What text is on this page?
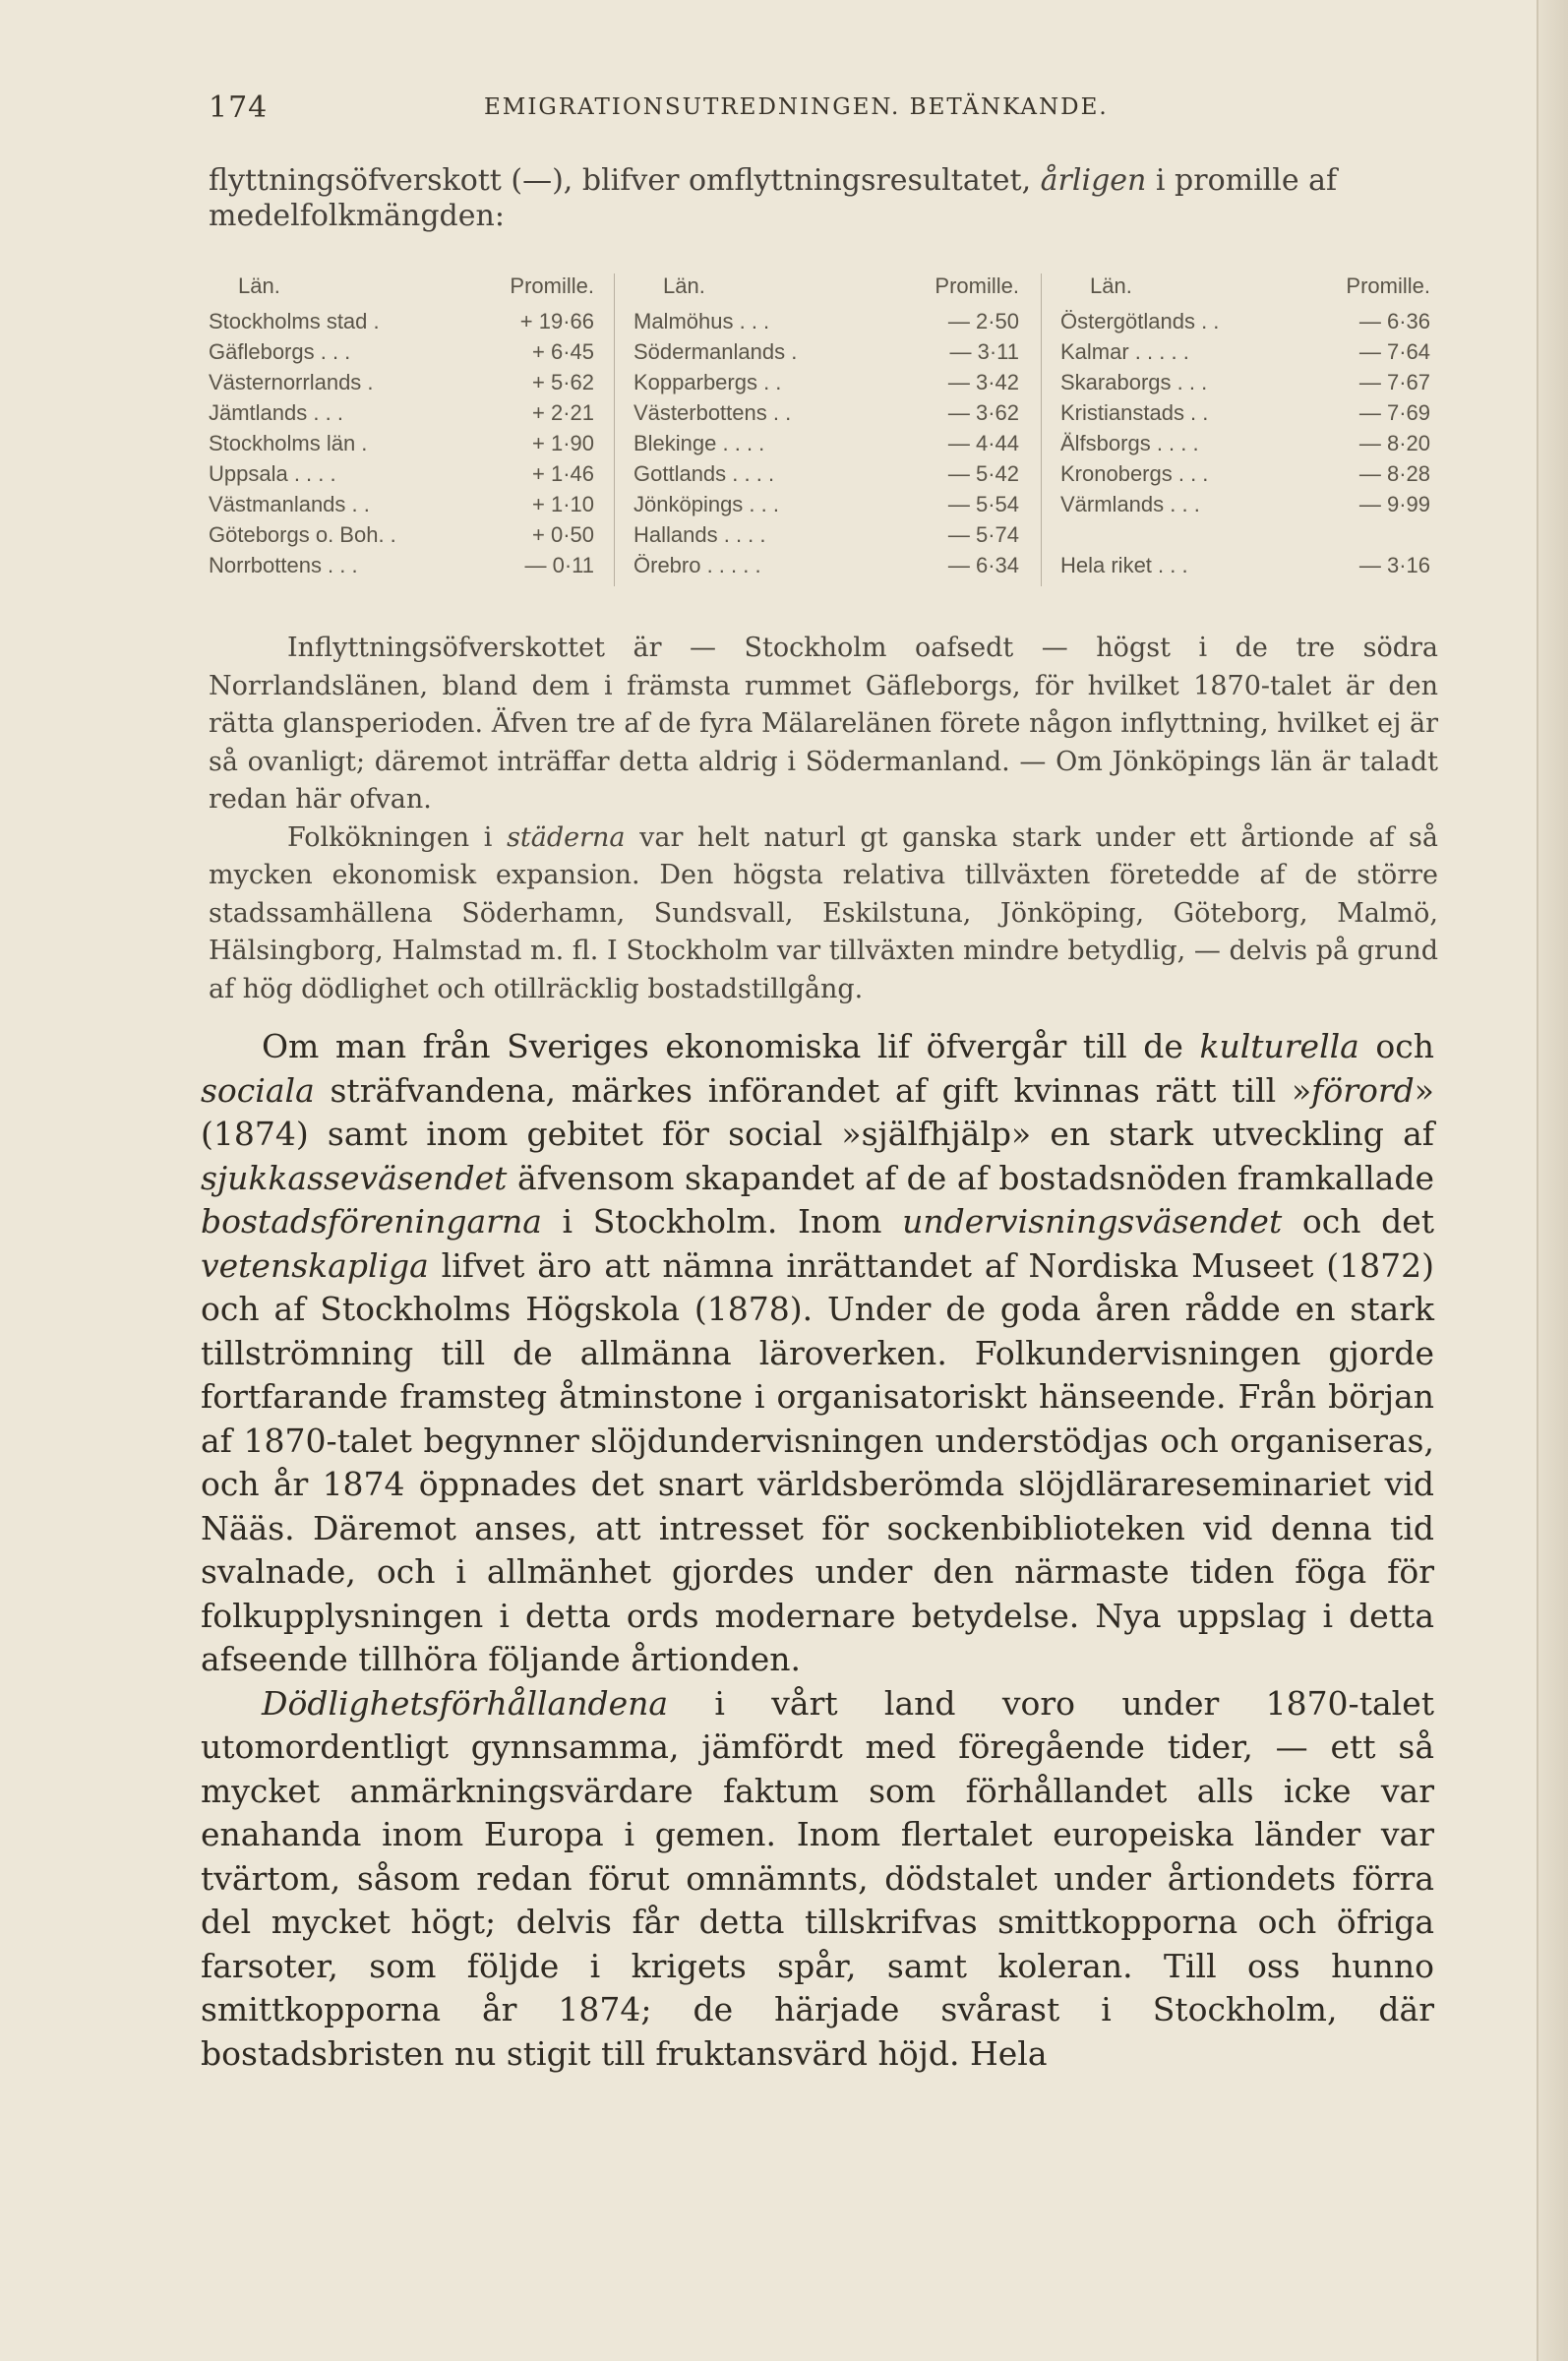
174	EMIGRATIONSUTREDNINGEN. BETÄNKANDE.
flyttningsöfverskott (—), blifver omflyttningsresultatet, årligen i promille af medelfolkmängden:
Län.	Promille.
Stockholms stad .	+ 19·66
Gäfleborgs . . .	+ 6·45
Västernorrlands .	+ 5·62
Jämtlands . . .	+ 2·21
Stockholms län .	+ 1·90
Uppsala . . . .	+ 1·46
Västmanlands . .	+ 1·10
Göteborgs o. Boh. .	+ 0·50
Norrbottens . . .	— 0·11
Län.	Promille.
Malmöhus . . .	— 2·50
Södermanlands .	— 3·11
Kopparbergs . .	— 3·42
Västerbottens . .	— 3·62
Blekinge . . . .	— 4·44
Gottlands . . . .	— 5·42
Jönköpings . . .	— 5·54
Hallands . . . .	— 5·74
Örebro . . . . .	— 6·34
Län.	Promille.
Östergötlands . .	— 6·36
Kalmar . . . . .	— 7·64
Skaraborgs . . .	— 7·67
Kristianstads . .	— 7·69
Älfsborgs . . . .	— 8·20
Kronobergs . . .	— 8·28
Värmlands . . .	— 9·99
Hela riket . . .	— 3·16

Inflyttningsöfverskottet är — Stockholm oafsedt — högst i de tre södra Norrlandslänen, bland dem i främsta rummet Gäfleborgs, för hvilket 1870-talet är den rätta glansperioden. Äfven tre af de fyra Mälarelänen förete någon inflyttning, hvilket ej är så ovanligt; däremot inträffar detta aldrig i Södermanland. — Om Jönköpings län är taladt redan här ofvan.

Folkökningen i städerna var helt naturl gt ganska stark under ett årtionde af så mycken ekonomisk expansion. Den högsta relativa tillväxten företedde af de större stadssamhällena Söderhamn, Sundsvall, Eskilstuna, Jönköping, Göteborg, Malmö, Hälsingborg, Halmstad m. fl. I Stockholm var tillväxten mindre betydlig, — delvis på grund af hög dödlighet och otillräcklig bostadstillgång.

Om man från Sveriges ekonomiska lif öfvergår till de kulturella och sociala sträfvandena, märkes införandet af gift kvinnas rätt till »förord» (1874) samt inom gebitet för social »själfhjälp» en stark utveckling af sjukkasseväsendet äfvensom skapandet af de af bostadsnöden framkallade bostadsföreningarna i Stockholm. Inom undervisningsväsendet och det vetenskapliga lifvet äro att nämna inrättandet af Nordiska Museet (1872) och af Stockholms Högskola (1878). Under de goda åren rådde en stark tillströmning till de allmänna läroverken. Folkundervisningen gjorde fortfarande framsteg åtminstone i organisatoriskt hänseende. Från början af 1870-talet begynner slöjdundervisningen understödjas och organiseras, och år 1874 öppnades det snart världsberömda slöjdlärareseminariet vid Nääs. Däremot anses, att intresset för sockenbiblioteken vid denna tid svalnade, och i allmänhet gjordes under den närmaste tiden föga för folkupplysningen i detta ords modernare betydelse. Nya uppslag i detta afseende tillhöra följande årtionden.

Dödlighetsförhållandena i vårt land voro under 1870-talet utomordentligt gynnsamma, jämfördt med föregående tider, — ett så mycket anmärkningsvärdare faktum som förhållandet alls icke var enahanda inom Europa i gemen. Inom flertalet europeiska länder var tvärtom, såsom redan förut omnämnts, dödstalet under årtiondets förra del mycket högt; delvis får detta tillskrifvas smittkopporna och öfriga farsoter, som följde i krigets spår, samt koleran. Till oss hunno smittkopporna år 1874; de härjade svårast i Stockholm, där bostadsbristen nu stigit till fruktansvärd höjd. Hela
